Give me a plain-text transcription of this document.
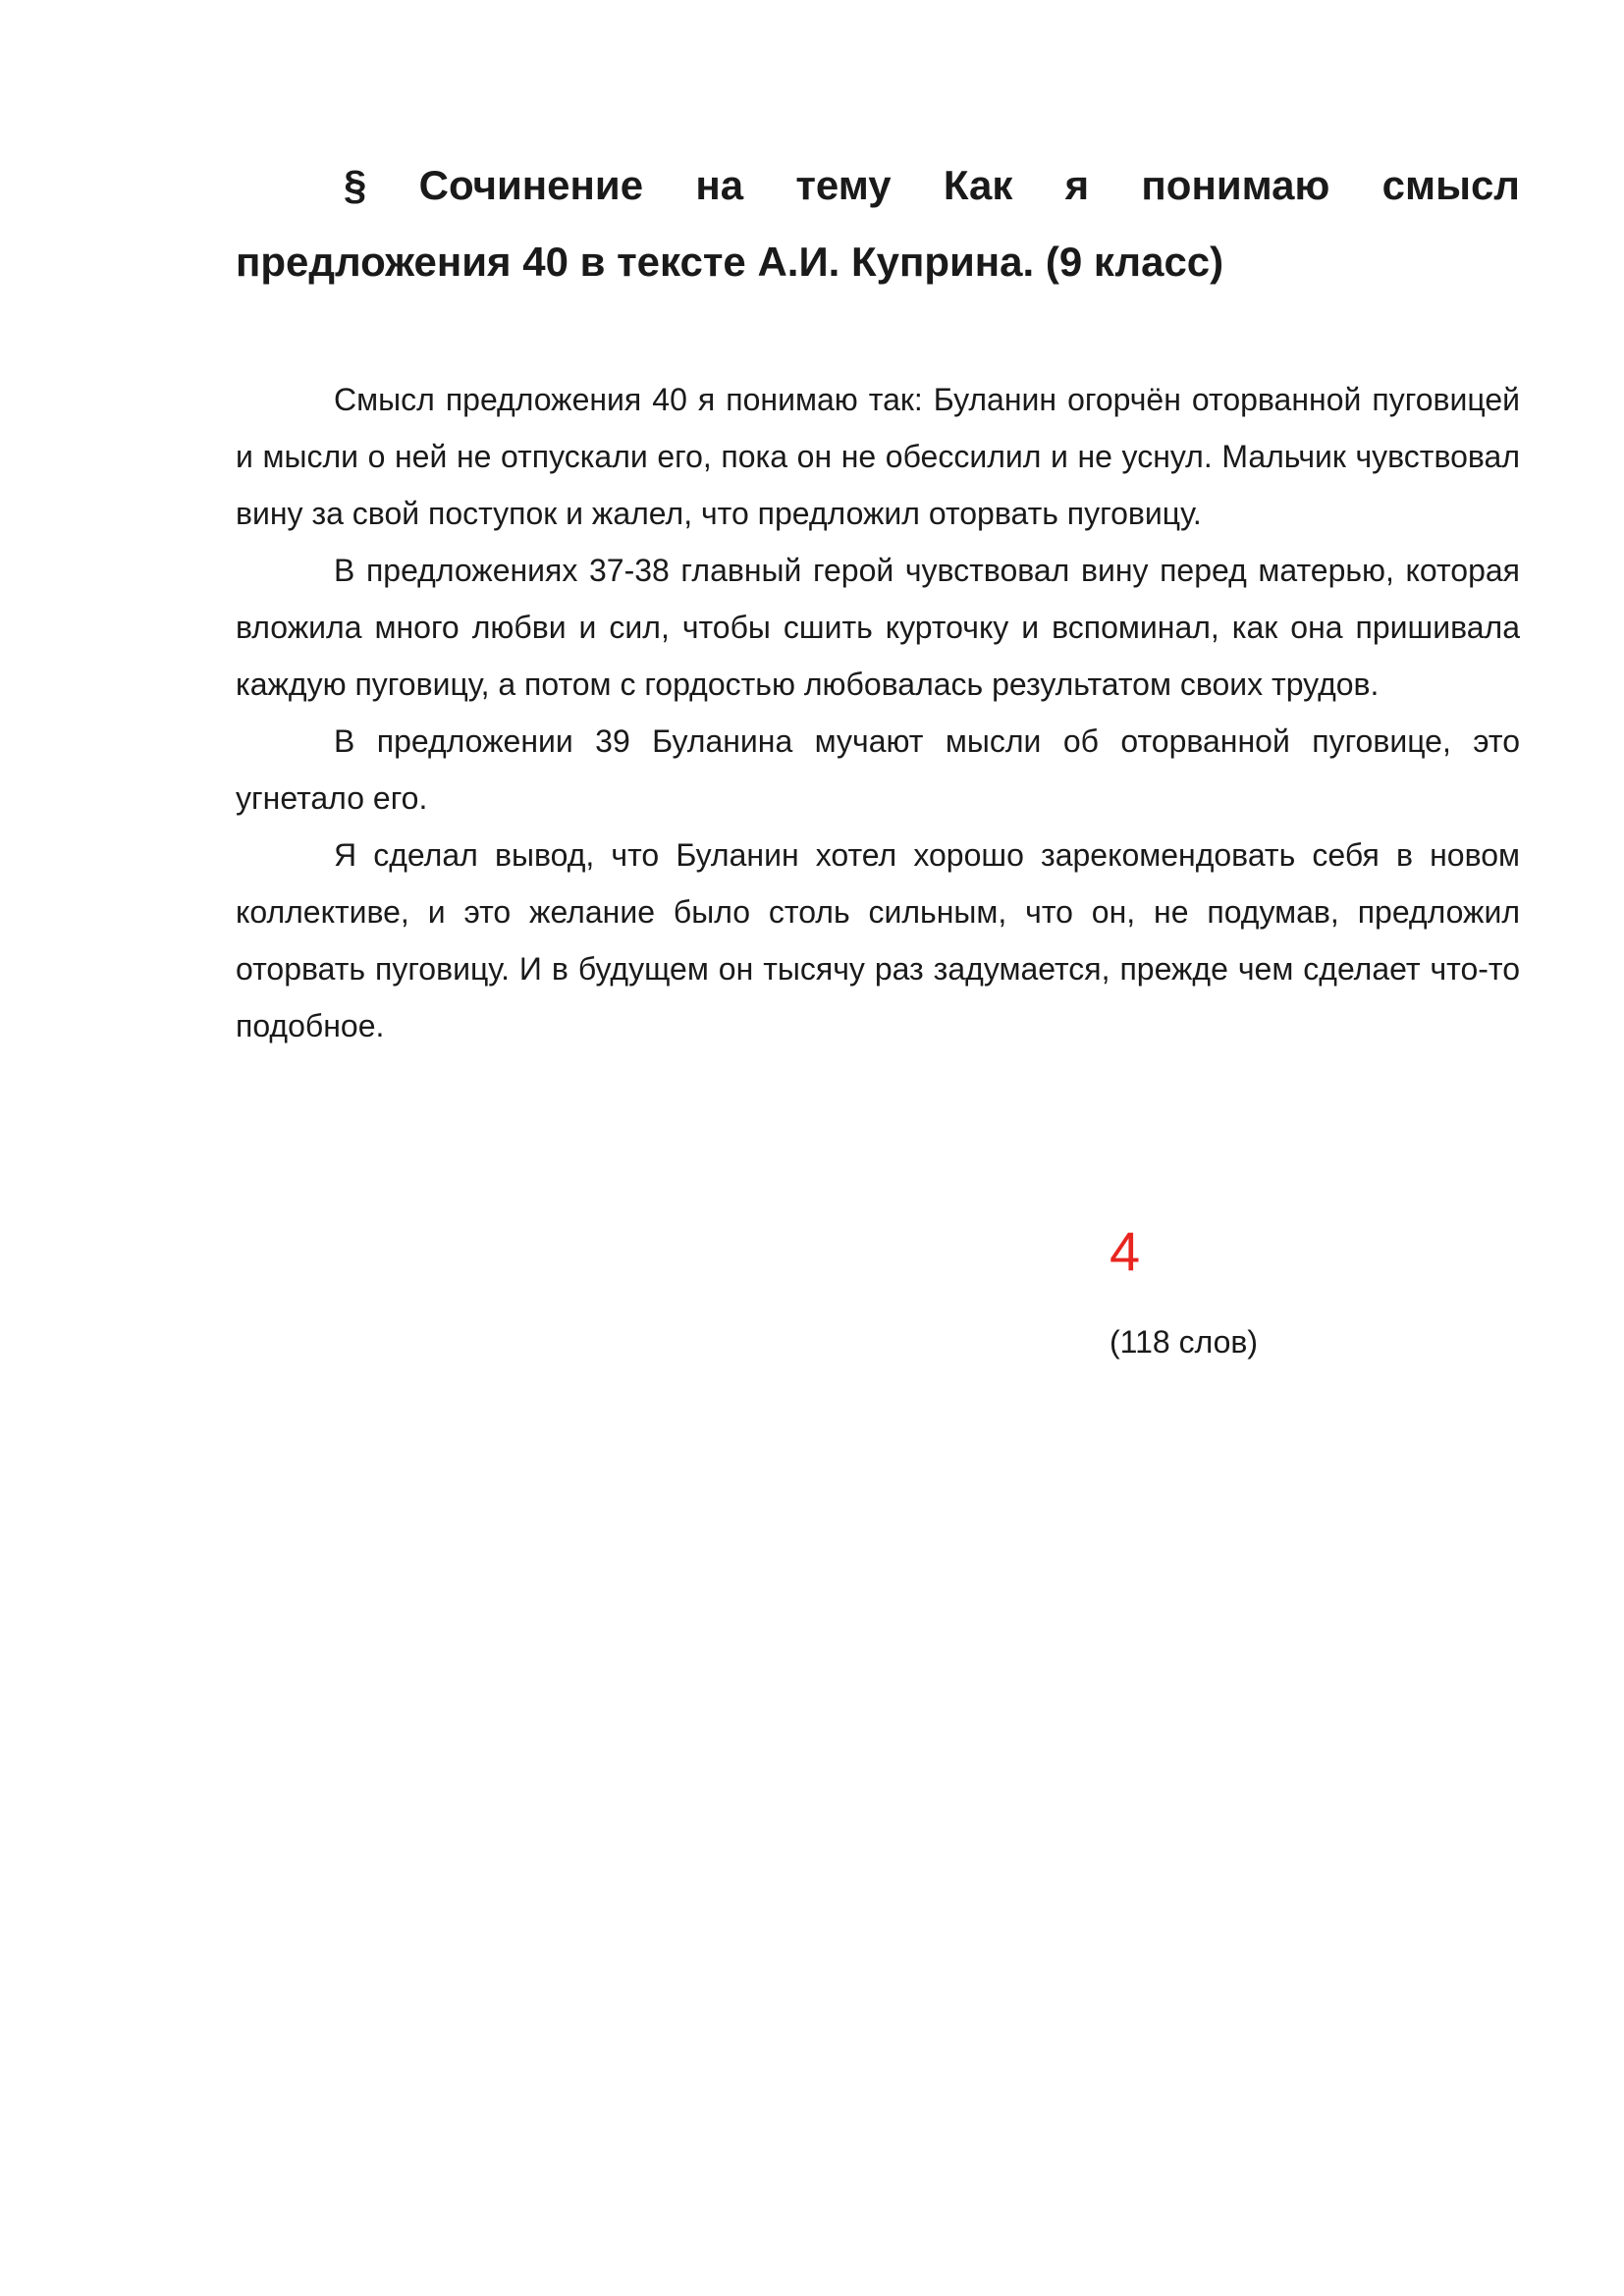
§ Сочинение на тему Как я понимаю смысл предложения 40 в тексте А.И. Куприна. (9 класс)

Смысл предложения 40 я понимаю так: Буланин огорчён оторванной пуговицей и мысли о ней не отпускали его, пока он не обессилил и не уснул. Мальчик чувствовал вину за свой поступок и жалел, что предложил оторвать пуговицу.

В предложениях 37-38 главный герой чувствовал вину перед матерью, которая вложила много любви и сил, чтобы сшить курточку и вспоминал, как она пришивала каждую пуговицу, а потом с гордостью любовалась результатом своих трудов.

В предложении 39 Буланина мучают мысли об оторванной пуговице, это угнетало его.

Я сделал вывод, что Буланин хотел хорошо зарекомендовать себя в новом коллективе, и это желание было столь сильным, что он, не подумав, предложил оторвать пуговицу. И в будущем он тысячу раз задумается, прежде чем сделает что-то подобное.

4
(118 слов)
